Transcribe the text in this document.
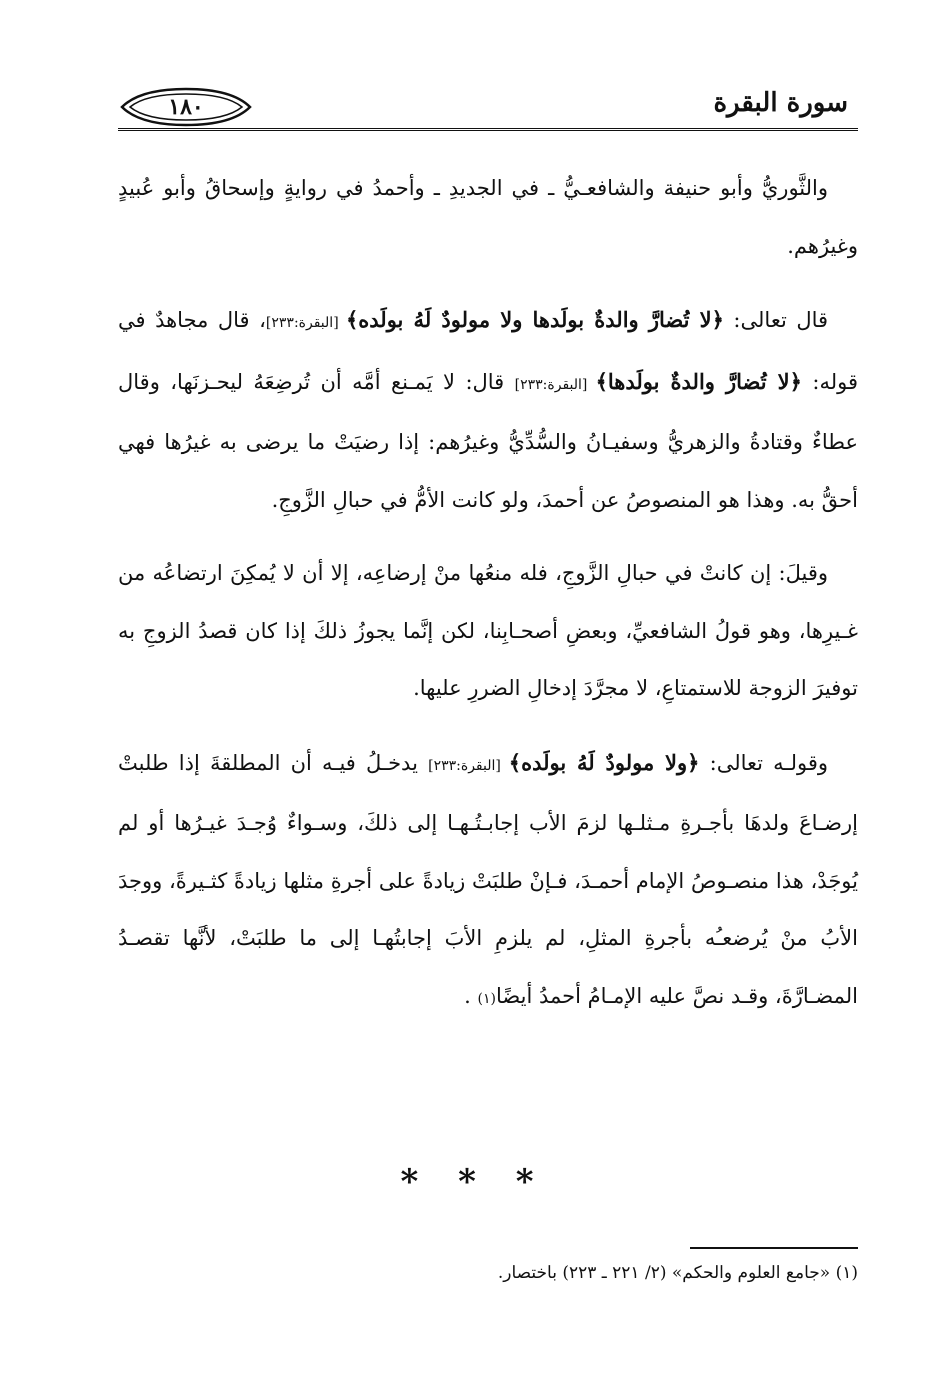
١٨٠	سورة البقرة

والثَّوريُّ وأبو حنيفة والشافعـيُّ ـ في الجديدِ ـ وأحمدُ في روايةٍ وإسحاقُ وأبو عُبيدٍ وغيرُهم.

قال تعالى: ﴿لا تُضارَّ والدةٌ بولَدها ولا مولودٌ لَهُ بولَده﴾ [البقرة:٢٣٣]، قال مجاهدٌ في قوله: ﴿لا تُضارَّ والدةٌ بولَدها﴾ [البقرة:٢٣٣] قال: لا يَمـنع أمَّه أن تُرضِعَهُ ليحـزنَها، وقال عطاءٌ وقتادةُ والزهريُّ وسفيـانُ والسُّدِّيُّ وغيرُهم: إذا رضيَتْ ما يرضى به غيرُها فهي أحقُّ به. وهذا هو المنصوصُ عن أحمدَ، ولو كانت الأمُّ في حبالِ الزَّوجِ.

وقيلَ: إن كانتْ في حبالِ الزَّوجِ، فله منعُها منْ إرضاعِه، إلا أن لا يُمكِنَ ارتضاعُه من غـيرِها، وهو قولُ الشافعيِّ، وبعضِ أصحـابِنا، لكن إنَّما يجوزُ ذلكَ إذا كان قصدُ الزوجِ به توفيرَ الزوجة للاستمتاعِ، لا مجرَّدَ إدخالِ الضررِ عليها.

وقولـه تعالى: ﴿ولا مولودٌ لَهُ بولَده﴾ [البقرة:٢٣٣] يدخـلُ فيـه أن المطلقةَ إذا طلبتْ إرضـاعَ ولدهَا بأجـرةِ مـثلـها لزمَ الأب إجابـتُـهـا إلى ذلكَ، وسـواءٌ وُجـدَ غيـرُها أو لم يُوجَدْ، هذا منصـوصُ الإمام أحمـدَ، فـإنْ طلبَتْ زيادةً على أجرةِ مثلها زيادةً كثـيرةً، ووجدَ الأبُ منْ يُرضعـُه بأجرةِ المثلِ، لم يلزمِ الأبَ إجابتُهـا إلى ما طلبَتْ، لأنَّها تقصـدُ المضـارَّةَ، وقـد نصَّ عليه الإمـامُ أحمدُ أيضًا(١) .

* * *
(١) «جامع العلوم والحكم» (٢/ ٢٢١ ـ ٢٢٣) باختصار.
